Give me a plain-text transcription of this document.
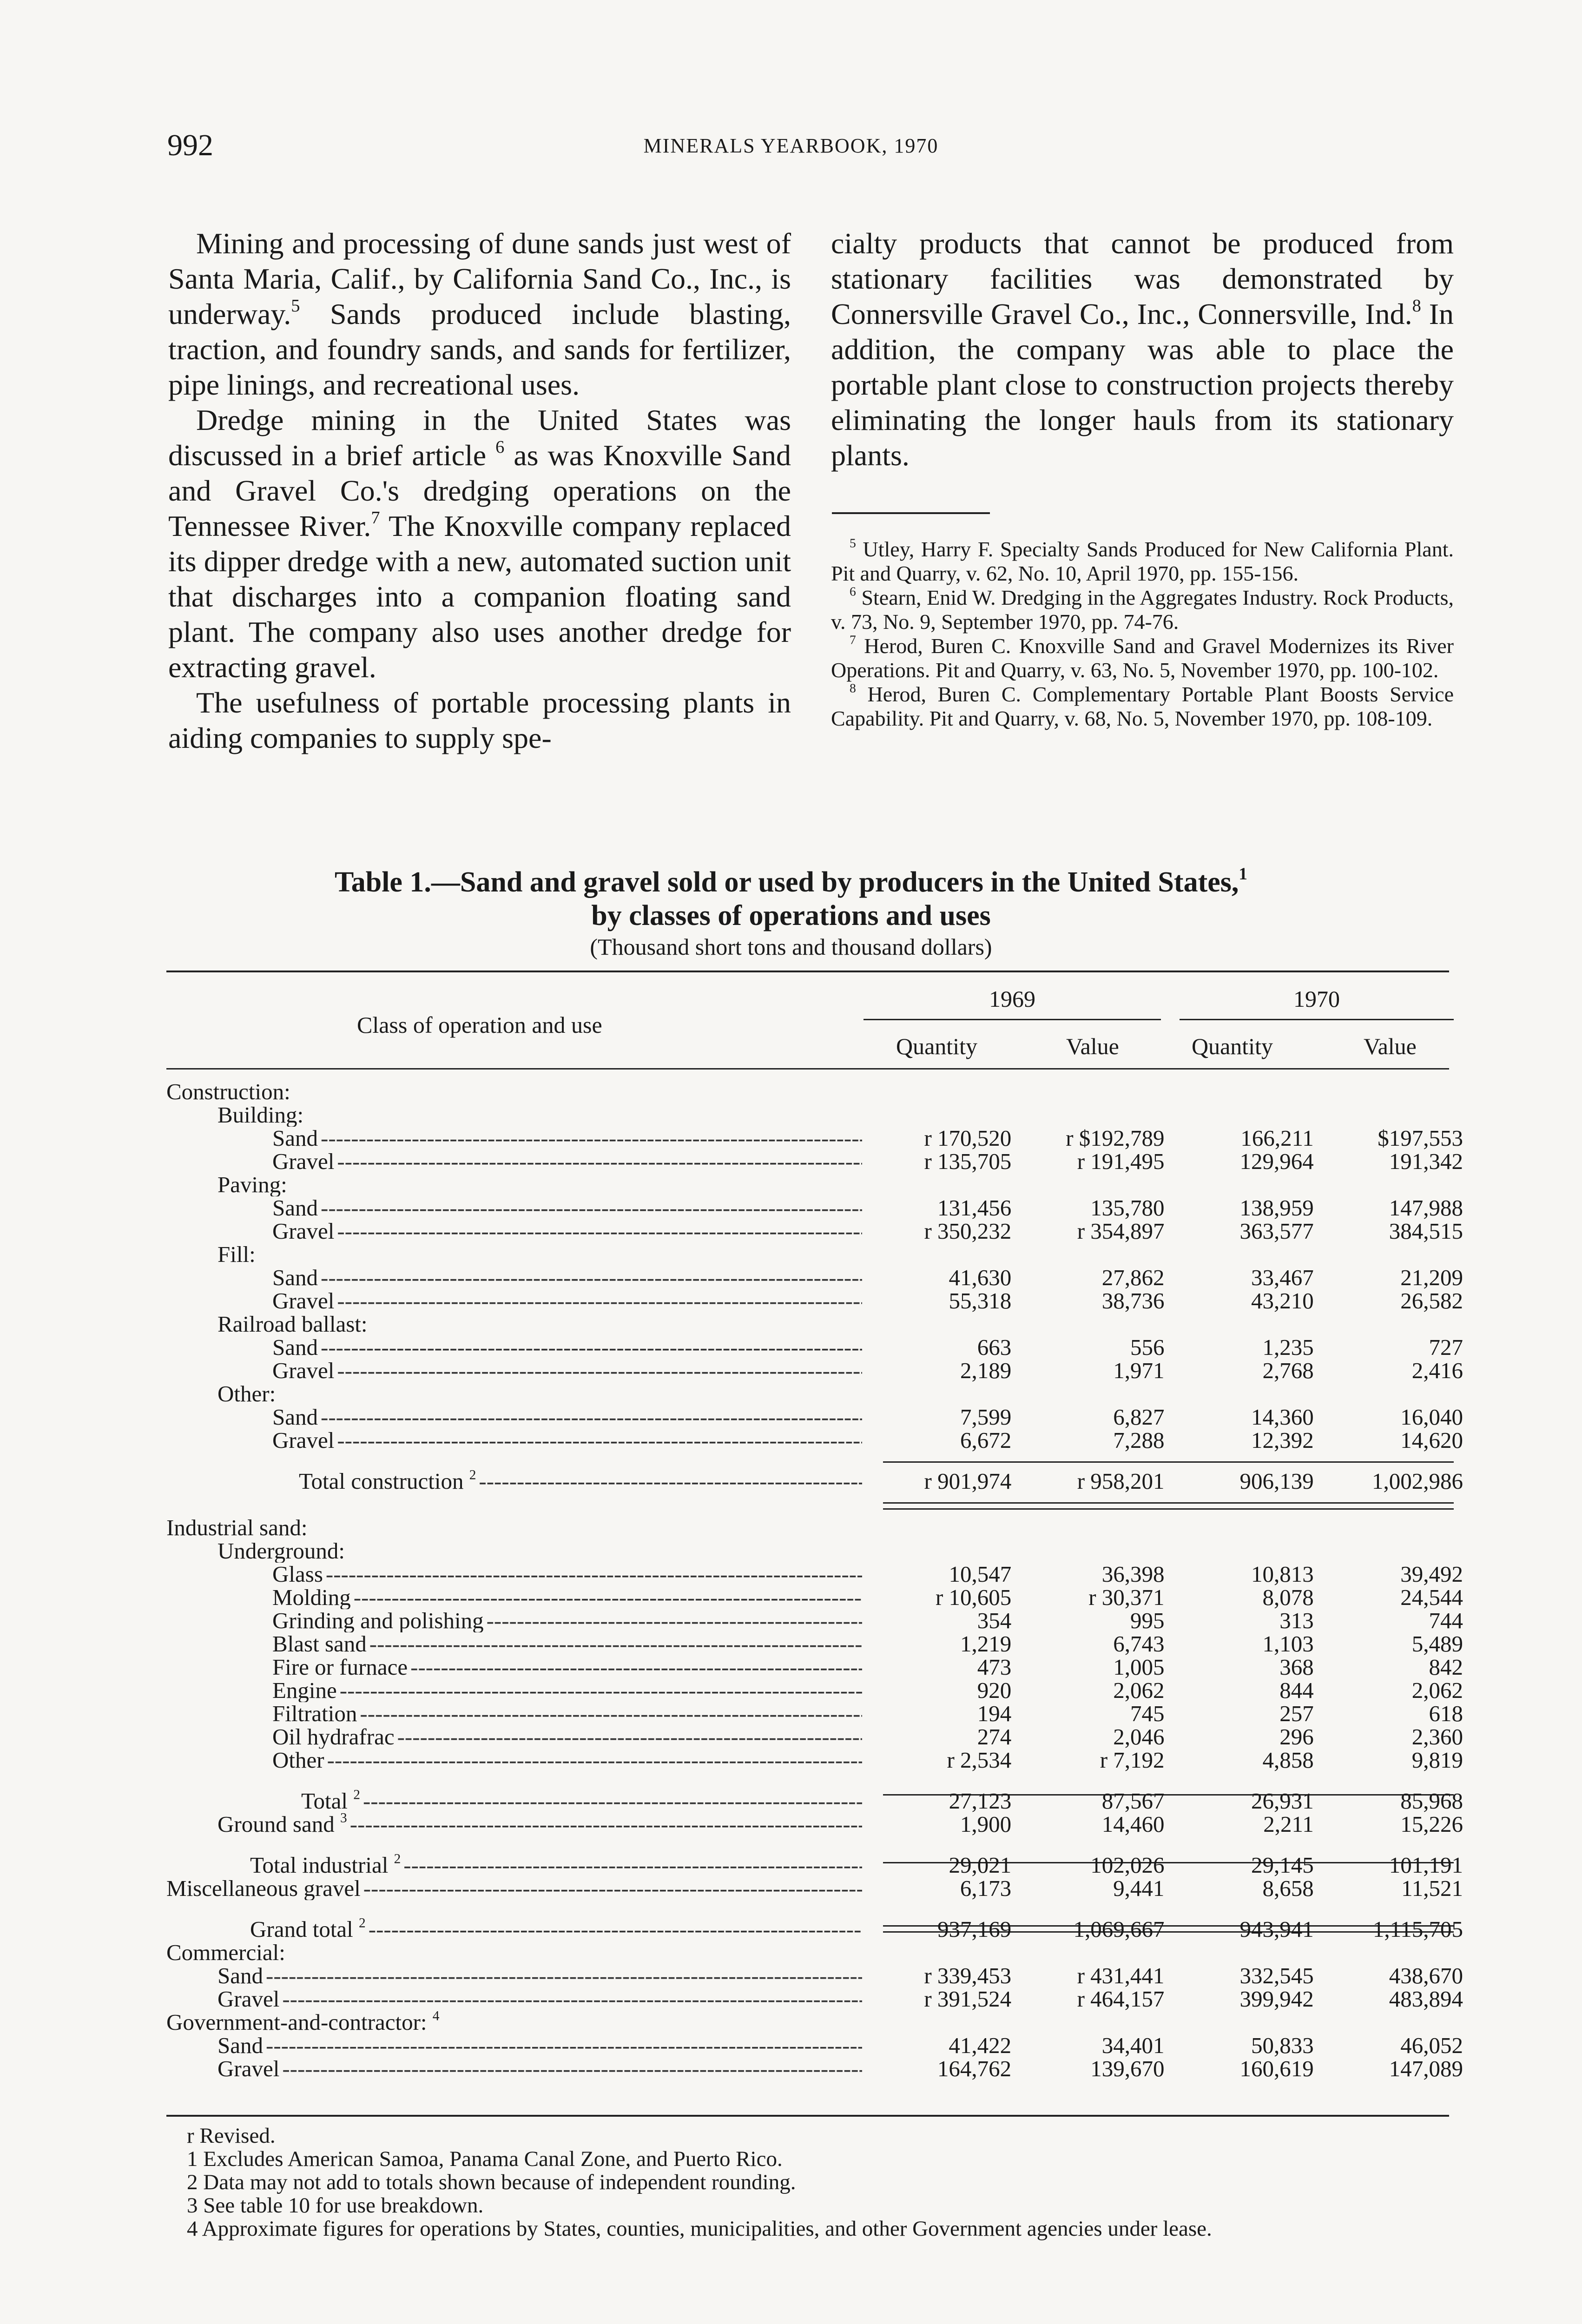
992	MINERALS YEARBOOK, 1970

Mining and processing of dune sands just west of Santa Maria, Calif., by California Sand Co., Inc., is underway.$^5$ Sands produced include blasting, traction, and foundry sands, and sands for fertilizer, pipe linings, and recreational uses.

Dredge mining in the United States was discussed in a brief article $^6$ as was Knoxville Sand and Gravel Co.'s dredging operations on the Tennessee River.$^7$ The Knoxville company replaced its dipper dredge with a new, automated suction unit that discharges into a companion floating sand plant. The company also uses another dredge for extracting gravel.

The usefulness of portable processing plants in aiding companies to supply spe-

cialty products that cannot be produced from stationary facilities was demonstrated by Connersville Gravel Co., Inc., Connersville, Ind.$^8$ In addition, the company was able to place the portable plant close to construction projects thereby eliminating the longer hauls from its stationary plants.

$^5$ Utley, Harry F. Specialty Sands Produced for New California Plant. Pit and Quarry, v. 62, No. 10, April 1970, pp. 155-156.
$^6$ Stearn, Enid W. Dredging in the Aggregates Industry. Rock Products, v. 73, No. 9, September 1970, pp. 74-76.
$^7$ Herod, Buren C. Knoxville Sand and Gravel Modernizes its River Operations. Pit and Quarry, v. 63, No. 5, November 1970, pp. 100-102.
$^8$ Herod, Buren C. Complementary Portable Plant Boosts Service Capability. Pit and Quarry, v. 68, No. 5, November 1970, pp. 108-109.
Table 1.—Sand and gravel sold or used by producers in the United States,$^1$
by classes of operations and uses
(Thousand short tons and thousand dollars)
1969	1970
Class of operation and use
Quantity	Value	Quantity	Value
Construction:
Building:
Sand -----	r 170,520	r $192,789	166,211	$197,553
Gravel -----	r 135,705	r 191,495	129,964	191,342
Paving:
Sand -----	131,456	135,780	138,959	147,988
Gravel -----	r 350,232	r 354,897	363,577	384,515
Fill:
Sand -----	41,630	27,862	33,467	21,209
Gravel -----	55,318	38,736	43,210	26,582
Railroad ballast:
Sand -----	663	556	1,235	727
Gravel -----	2,189	1,971	2,768	2,416
Other:
Sand -----	7,599	6,827	14,360	16,040
Gravel -----	6,672	7,288	12,392	14,620
Total construction $^2$ -----	r 901,974	r 958,201	906,139	1,002,986
Industrial sand:
Underground:
Glass -----	10,547	36,398	10,813	39,492
Molding -----	r 10,605	r 30,371	8,078	24,544
Grinding and polishing -----	354	995	313	744
Blast sand -----	1,219	6,743	1,103	5,489
Fire or furnace -----	473	1,005	368	842
Engine -----	920	2,062	844	2,062
Filtration -----	194	745	257	618
Oil hydrafrac -----	274	2,046	296	2,360
Other -----	r 2,534	r 7,192	4,858	9,819
Total $^2$ -----	27,123	87,567	26,931	85,968
Ground sand $^3$ -----	1,900	14,460	2,211	15,226
Total industrial $^2$ -----	29,021	102,026	29,145	101,191
Miscellaneous gravel -----	6,173	9,441	8,658	11,521
Grand total $^2$ -----	937,169	1,069,667	943,941	1,115,705
Commercial:
Sand -----	r 339,453	r 431,441	332,545	438,670
Gravel -----	r 391,524	r 464,157	399,942	483,894
Government-and-contractor: $^4$
Sand -----	41,422	34,401	50,833	46,052
Gravel -----	164,762	139,670	160,619	147,089
r Revised.
1 Excludes American Samoa, Panama Canal Zone, and Puerto Rico.
2 Data may not add to totals shown because of independent rounding.
3 See table 10 for use breakdown.
4 Approximate figures for operations by States, counties, municipalities, and other Government agencies under lease.
